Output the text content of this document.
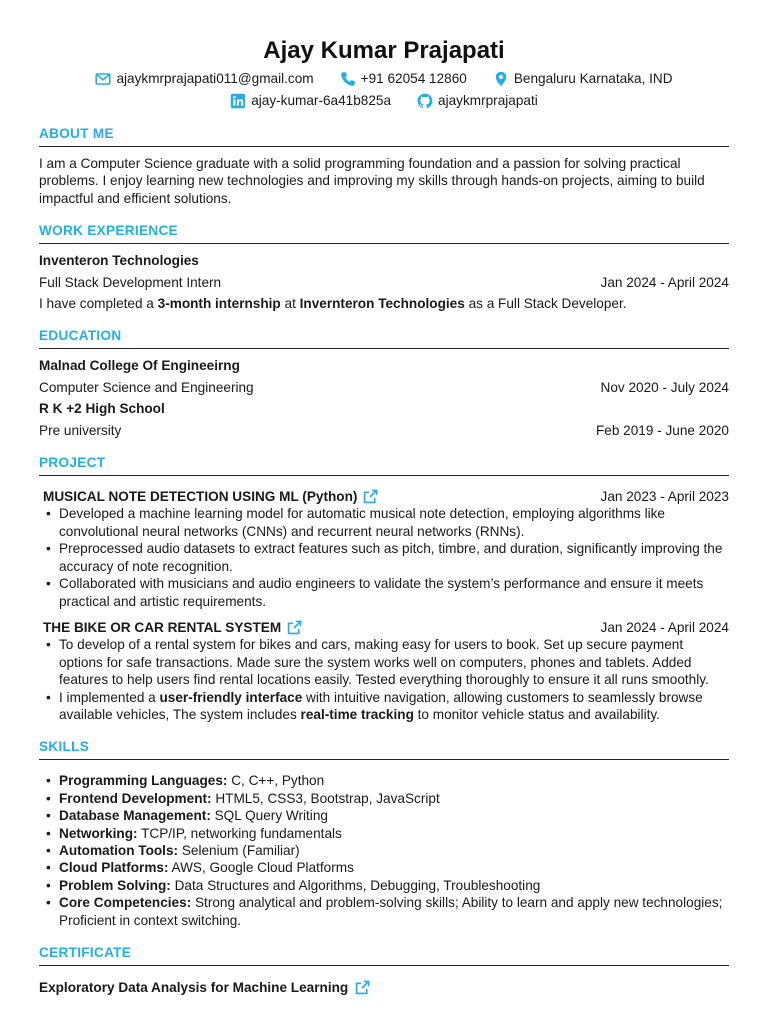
Ajay Kumar Prajapati
ajaykmrprajapati011@gmail.com	+91 62054 12860	Bengaluru Karnataka, IND
ajay-kumar-6a41b825a	ajaykmrprajapati
ABOUT ME

I am a Computer Science graduate with a solid programming foundation and a passion for solving practical problems. I enjoy learning new technologies and improving my skills through hands-on projects, aiming to build impactful and efficient solutions.

WORK EXPERIENCE
Inventeron Technologies
Full Stack Development Intern	Jan 2024 - April 2024
I have completed a 3-month internship at Invernteron Technologies as a Full Stack Developer.
EDUCATION
Malnad College Of Engineeirng
Computer Science and Engineering	Nov 2020 - July 2024
R K +2 High School
Pre university	Feb 2019 - June 2020
PROJECT
MUSICAL NOTE DETECTION USING ML (Python)	Jan 2023 - April 2023
• Developed a machine learning model for automatic musical note detection, employing algorithms like convolutional neural networks (CNNs) and recurrent neural networks (RNNs).
• Preprocessed audio datasets to extract features such as pitch, timbre, and duration, significantly improving the accuracy of note recognition.
• Collaborated with musicians and audio engineers to validate the system’s performance and ensure it meets practical and artistic requirements.
THE BIKE OR CAR RENTAL SYSTEM	Jan 2024 - April 2024
• To develop of a rental system for bikes and cars, making easy for users to book. Set up secure payment options for safe transactions. Made sure the system works well on computers, phones and tablets. Added features to help users find rental locations easily. Tested everything thoroughly to ensure it all runs smoothly.
• I implemented a user-friendly interface with intuitive navigation, allowing customers to seamlessly browse available vehicles, The system includes real-time tracking to monitor vehicle status and availability.
SKILLS
• Programming Languages: C, C++, Python
• Frontend Development: HTML5, CSS3, Bootstrap, JavaScript
• Database Management: SQL Query Writing
• Networking: TCP/IP, networking fundamentals
• Automation Tools: Selenium (Familiar)
• Cloud Platforms: AWS, Google Cloud Platforms
• Problem Solving: Data Structures and Algorithms, Debugging, Troubleshooting
• Core Competencies: Strong analytical and problem-solving skills; Ability to learn and apply new technologies; Proficient in context switching.
CERTIFICATE
Exploratory Data Analysis for Machine Learning
